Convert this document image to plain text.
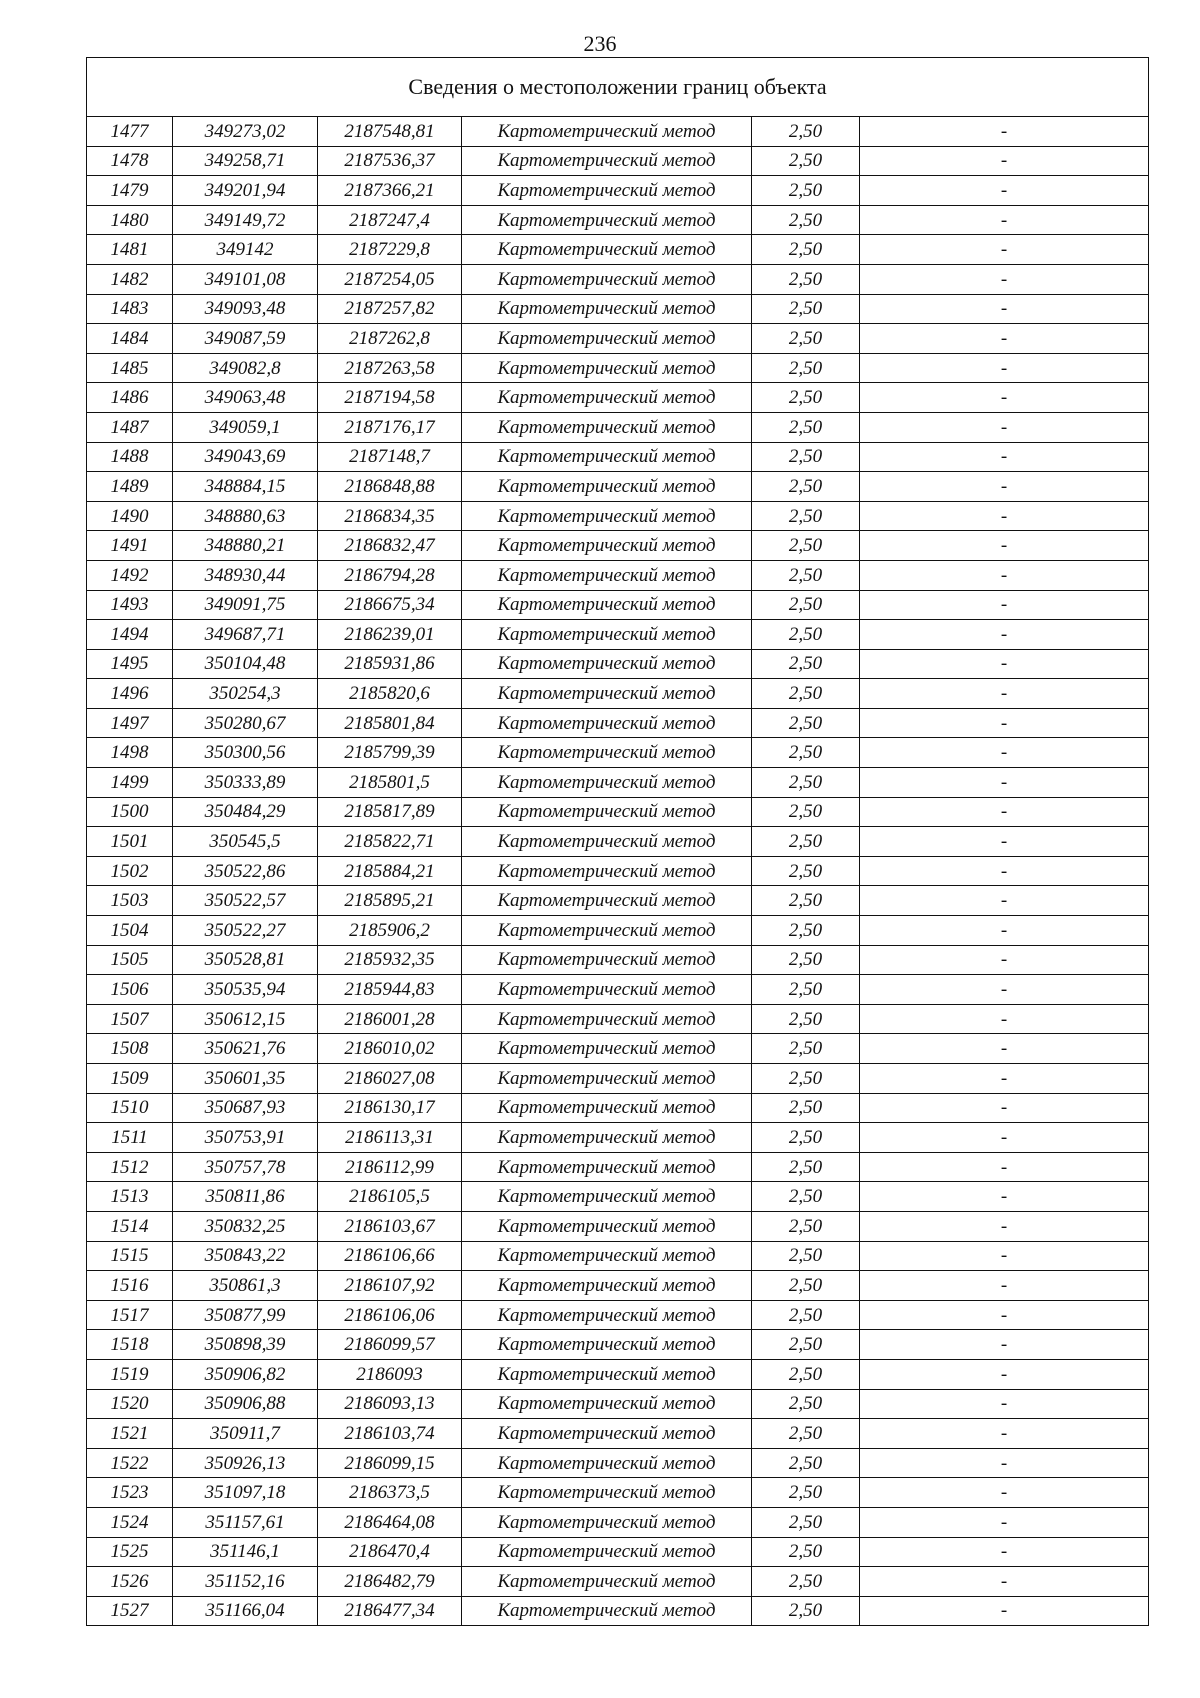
236
Сведения о местоположении границ объекта					
1477	349273,02	2187548,81	Картометрический метод	2,50	-
1478	349258,71	2187536,37	Картометрический метод	2,50	-
1479	349201,94	2187366,21	Картометрический метод	2,50	-
1480	349149,72	2187247,4	Картометрический метод	2,50	-
1481	349142	2187229,8	Картометрический метод	2,50	-
1482	349101,08	2187254,05	Картометрический метод	2,50	-
1483	349093,48	2187257,82	Картометрический метод	2,50	-
1484	349087,59	2187262,8	Картометрический метод	2,50	-
1485	349082,8	2187263,58	Картометрический метод	2,50	-
1486	349063,48	2187194,58	Картометрический метод	2,50	-
1487	349059,1	2187176,17	Картометрический метод	2,50	-
1488	349043,69	2187148,7	Картометрический метод	2,50	-
1489	348884,15	2186848,88	Картометрический метод	2,50	-
1490	348880,63	2186834,35	Картометрический метод	2,50	-
1491	348880,21	2186832,47	Картометрический метод	2,50	-
1492	348930,44	2186794,28	Картометрический метод	2,50	-
1493	349091,75	2186675,34	Картометрический метод	2,50	-
1494	349687,71	2186239,01	Картометрический метод	2,50	-
1495	350104,48	2185931,86	Картометрический метод	2,50	-
1496	350254,3	2185820,6	Картометрический метод	2,50	-
1497	350280,67	2185801,84	Картометрический метод	2,50	-
1498	350300,56	2185799,39	Картометрический метод	2,50	-
1499	350333,89	2185801,5	Картометрический метод	2,50	-
1500	350484,29	2185817,89	Картометрический метод	2,50	-
1501	350545,5	2185822,71	Картометрический метод	2,50	-
1502	350522,86	2185884,21	Картометрический метод	2,50	-
1503	350522,57	2185895,21	Картометрический метод	2,50	-
1504	350522,27	2185906,2	Картометрический метод	2,50	-
1505	350528,81	2185932,35	Картометрический метод	2,50	-
1506	350535,94	2185944,83	Картометрический метод	2,50	-
1507	350612,15	2186001,28	Картометрический метод	2,50	-
1508	350621,76	2186010,02	Картометрический метод	2,50	-
1509	350601,35	2186027,08	Картометрический метод	2,50	-
1510	350687,93	2186130,17	Картометрический метод	2,50	-
1511	350753,91	2186113,31	Картометрический метод	2,50	-
1512	350757,78	2186112,99	Картометрический метод	2,50	-
1513	350811,86	2186105,5	Картометрический метод	2,50	-
1514	350832,25	2186103,67	Картометрический метод	2,50	-
1515	350843,22	2186106,66	Картометрический метод	2,50	-
1516	350861,3	2186107,92	Картометрический метод	2,50	-
1517	350877,99	2186106,06	Картометрический метод	2,50	-
1518	350898,39	2186099,57	Картометрический метод	2,50	-
1519	350906,82	2186093	Картометрический метод	2,50	-
1520	350906,88	2186093,13	Картометрический метод	2,50	-
1521	350911,7	2186103,74	Картометрический метод	2,50	-
1522	350926,13	2186099,15	Картометрический метод	2,50	-
1523	351097,18	2186373,5	Картометрический метод	2,50	-
1524	351157,61	2186464,08	Картометрический метод	2,50	-
1525	351146,1	2186470,4	Картометрический метод	2,50	-
1526	351152,16	2186482,79	Картометрический метод	2,50	-
1527	351166,04	2186477,34	Картометрический метод	2,50	-
